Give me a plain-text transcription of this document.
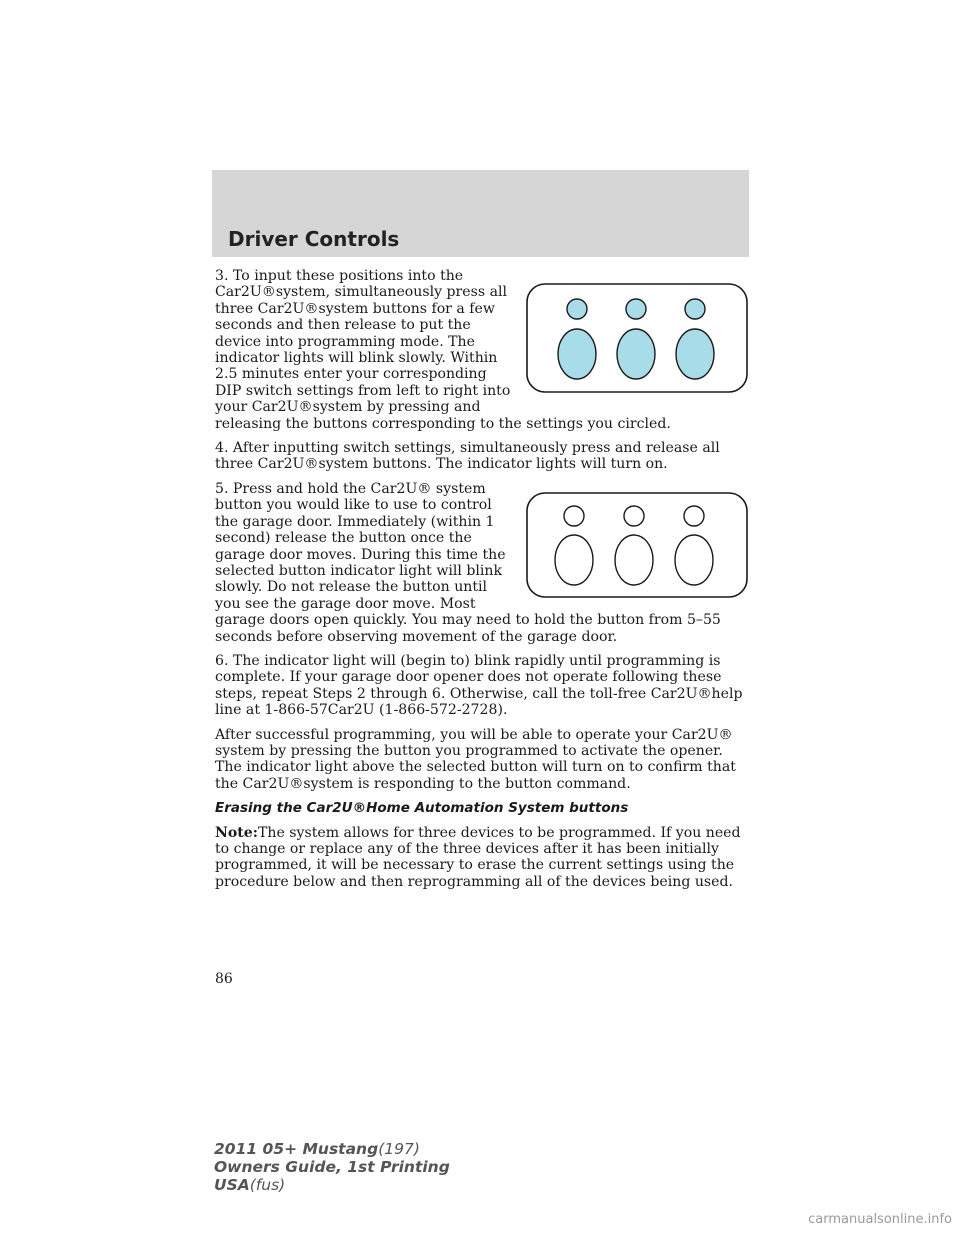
Driver Controls

3. To input these positions into the Car2U®system, simultaneously press all three Car2U®system buttons for a few seconds and then release to put the device into programming mode. The indicator lights will blink slowly. Within 2.5 minutes enter your corresponding DIP switch settings from left to right into your Car2U®system by pressing and releasing the buttons corresponding to the settings you circled.

4. After inputting switch settings, simultaneously press and release all three Car2U®system buttons. The indicator lights will turn on.

5. Press and hold the Car2U® system button you would like to use to control the garage door. Immediately (within 1 second) release the button once the garage door moves. During this time the selected button indicator light will blink slowly. Do not release the button until you see the garage door move. Most garage doors open quickly. You may need to hold the button from 5–55 seconds before observing movement of the garage door.

6. The indicator light will (begin to) blink rapidly until programming is complete. If your garage door opener does not operate following these steps, repeat Steps 2 through 6. Otherwise, call the toll-free Car2U®help line at 1-866-57Car2U (1-866-572-2728).

After successful programming, you will be able to operate your Car2U® system by pressing the button you programmed to activate the opener. The indicator light above the selected button will turn on to confirm that the Car2U®system is responding to the button command.

Erasing the Car2U®Home Automation System buttons

Note:The system allows for three devices to be programmed. If you need to change or replace any of the three devices after it has been initially programmed, it will be necessary to erase the current settings using the procedure below and then reprogramming all of the devices being used.

86

2011 05+ Mustang(197)
Owners Guide, 1st Printing
USA(fus)
carmanualsonline.info
